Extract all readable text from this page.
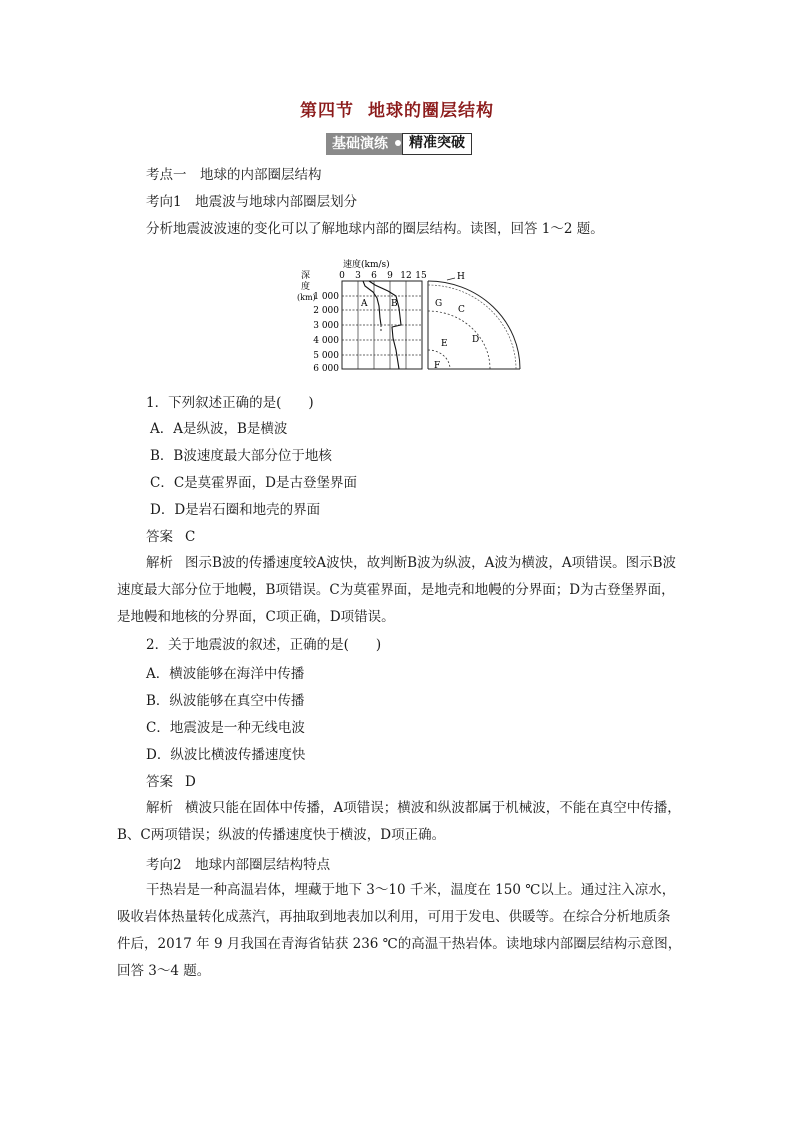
第四节 地球的圈层结构
基础演练	精准突破
考点一　地球的内部圈层结构
考向1　地震波与地球内部圈层划分
分析地震波波速的变化可以了解地球内部的圈层结构。读图，回答 1～2 题。
速度(km/s)
0 3 6 9 12 15
深
度
(km)
1 000
2 000
3 000
4 000
5 000
6 000
A	B
H
G
C
E	D
F
1．下列叙述正确的是(　　)
A．A是纵波，B是横波
B．B波速度最大部分位于地核
C．C是莫霍界面，D是古登堡界面
D．D是岩石圈和地壳的界面
答案 C
解析 图示B波的传播速度较A波快，故判断B波为纵波，A波为横波，A项错误。图示B波速度最大部分位于地幔，B项错误。C为莫霍界面，是地壳和地幔的分界面；D为古登堡界面，是地幔和地核的分界面，C项正确，D项错误。
2．关于地震波的叙述，正确的是(　　)
A．横波能够在海洋中传播
B．纵波能够在真空中传播
C．地震波是一种无线电波
D．纵波比横波传播速度快
答案 D
解析 横波只能在固体中传播，A项错误；横波和纵波都属于机械波，不能在真空中传播，B、C两项错误；纵波的传播速度快于横波，D项正确。
考向2　地球内部圈层结构特点
干热岩是一种高温岩体，埋藏于地下 3～10 千米，温度在 150 ℃以上。通过注入凉水，吸收岩体热量转化成蒸汽，再抽取到地表加以利用，可用于发电、供暖等。在综合分析地质条件后，2017 年 9 月我国在青海省钻获 236 ℃的高温干热岩体。读地球内部圈层结构示意图，回答 3～4 题。
